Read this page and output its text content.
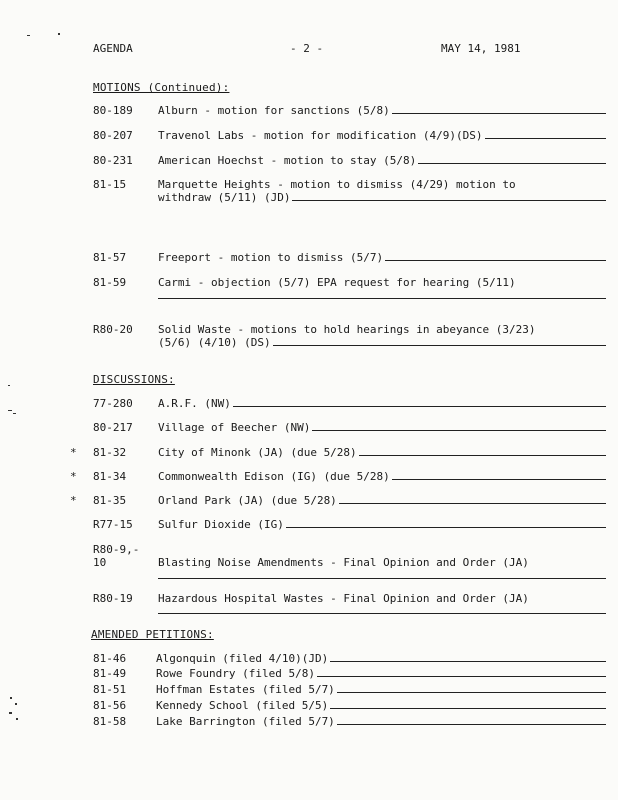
AGENDA	- 2 -	MAY 14, 1981
MOTIONS (Continued):
80-189 Alburn - motion for sanctions (5/8)
80-207 Travenol Labs - motion for modification (4/9)(DS)
80-231 American Hoechst - motion to stay (5/8)
81-15	Marquette Heights - motion to dismiss (4/29) motion to
withdraw (5/11) (JD)
81-57	Freeport - motion to dismiss (5/7)
81-59	Carmi - objection (5/7) EPA request for hearing (5/11)
R80-20 Solid Waste - motions to hold hearings in abeyance (3/23)
(5/6) (4/10) (DS)
DISCUSSIONS:
77-280 A.R.F. (NW)
80-217 Village of Beecher (NW)
* 81-32	City of Minonk (JA) (due 5/28)
* 81-34	Commonwealth Edison (IG) (due 5/28)
* 81-35	Orland Park (JA) (due 5/28)
R77-15 Sulfur Dioxide (IG)
R80-9,-
10	Blasting Noise Amendments - Final Opinion and Order (JA)
R80-19 Hazardous Hospital Wastes - Final Opinion and Order (JA)
AMENDED PETITIONS:
81-46	Algonquin (filed 4/10)(JD)
81-49	Rowe Foundry (filed 5/8)
81-51	Hoffman Estates (filed 5/7)
81-56	Kennedy School (filed 5/5)
81-58	Lake Barrington (filed 5/7)
